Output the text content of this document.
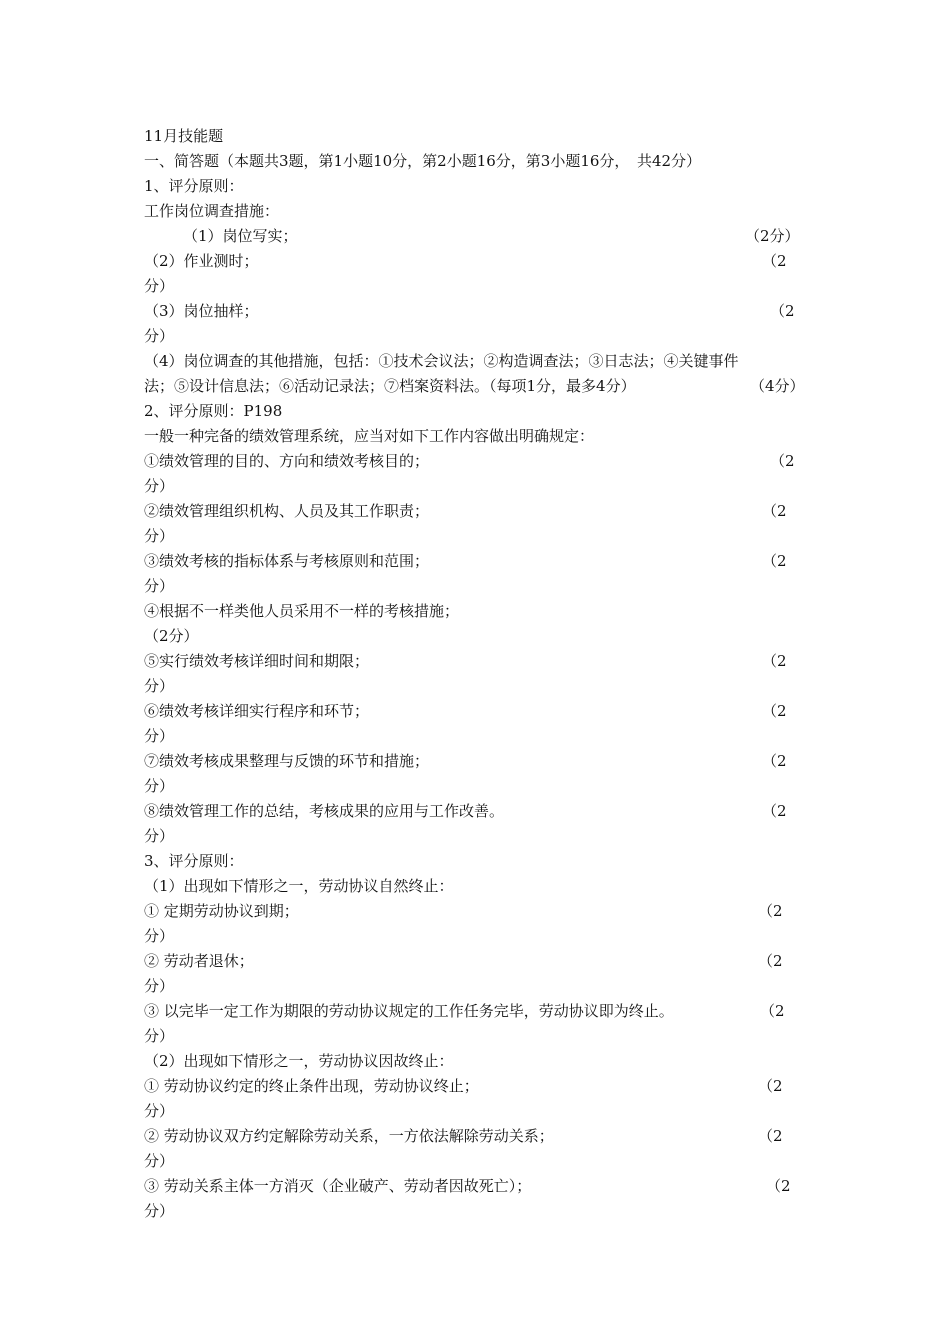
11月技能题
一、简答题（本题共3题，第1小题10分，第2小题16分，第3小题16分，　共42分）
1、评分原则：
工作岗位调查措施：
（1）岗位写实；	（2分）
（2）作业测时；	（2
分）
（3）岗位抽样；	（2
分）
（4）岗位调查的其他措施，包括：①技术会议法；②构造调查法；③日志法；④关键事件
法；⑤设计信息法；⑥活动记录法；⑦档案资料法。（每项1分，最多4分）	（4分）
2、评分原则：P198
一般一种完备的绩效管理系统，应当对如下工作内容做出明确规定：
①绩效管理的目的、方向和绩效考核目的；	（2
分）
②绩效管理组织机构、人员及其工作职责；	（2
分）
③绩效考核的指标体系与考核原则和范围；	（2
分）
④根据不一样类他人员采用不一样的考核措施；
（2分）
⑤实行绩效考核详细时间和期限；	（2
分）
⑥绩效考核详细实行程序和环节；	（2
分）
⑦绩效考核成果整理与反馈的环节和措施；	（2
分）
⑧绩效管理工作的总结，考核成果的应用与工作改善。	（2
分）
3、评分原则：
（1）出现如下情形之一，劳动协议自然终止：
① 定期劳动协议到期；	（2
分）
② 劳动者退休；	（2
分）
③ 以完毕一定工作为期限的劳动协议规定的工作任务完毕，劳动协议即为终止。	（2
分）
（2）出现如下情形之一，劳动协议因故终止：
① 劳动协议约定的终止条件出现，劳动协议终止；	（2
分）
② 劳动协议双方约定解除劳动关系，一方依法解除劳动关系；	（2
分）
③ 劳动关系主体一方消灭（企业破产、劳动者因故死亡）；	（2
分）
